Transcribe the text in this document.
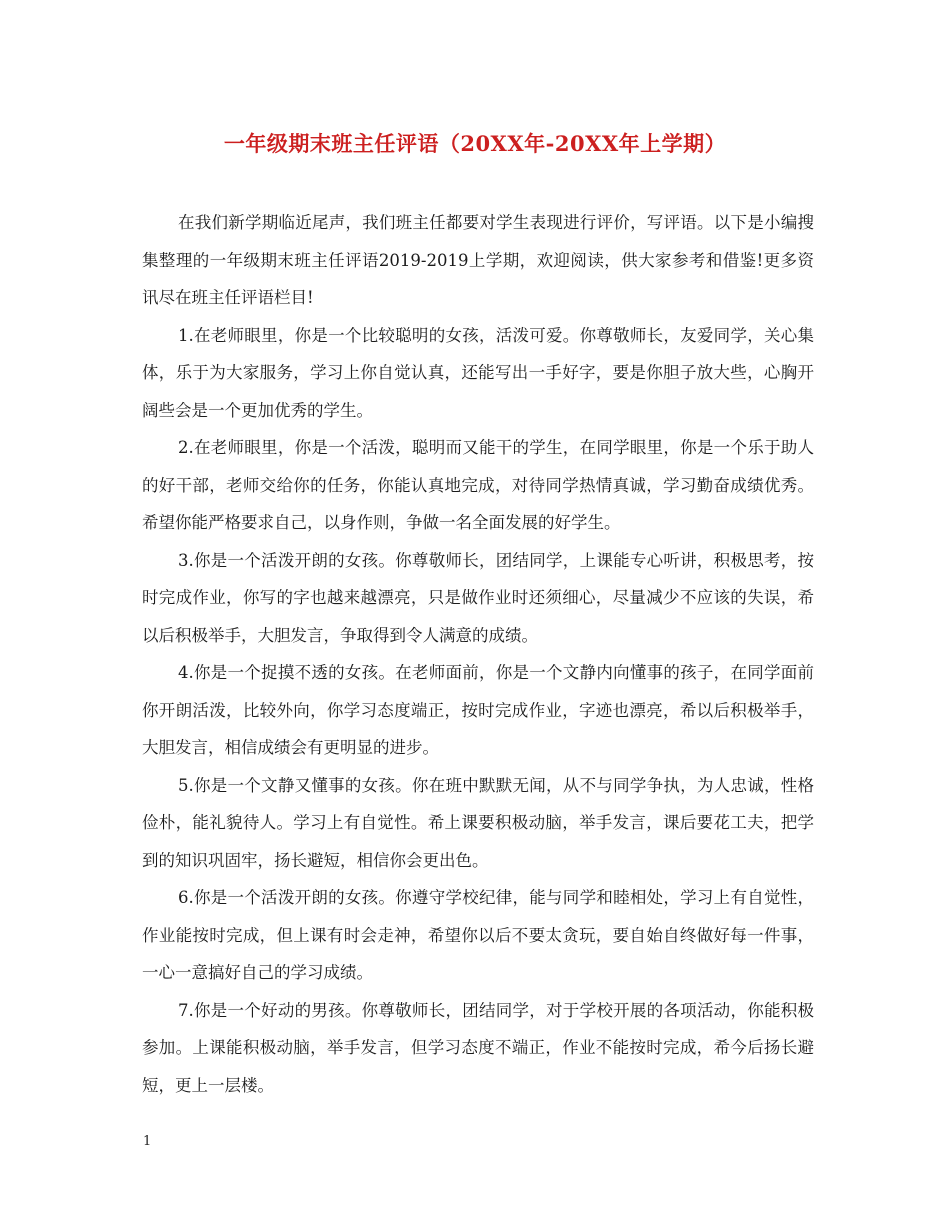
一年级期末班主任评语（20XX年-20XX年上学期）

在我们新学期临近尾声，我们班主任都要对学生表现进行评价，写评语。以下是小编搜集整理的一年级期末班主任评语2019-2019上学期，欢迎阅读，供大家参考和借鉴!更多资讯尽在班主任评语栏目!

1.在老师眼里，你是一个比较聪明的女孩，活泼可爱。你尊敬师长，友爱同学，关心集体，乐于为大家服务，学习上你自觉认真，还能写出一手好字，要是你胆子放大些，心胸开阔些会是一个更加优秀的学生。

2.在老师眼里，你是一个活泼，聪明而又能干的学生，在同学眼里，你是一个乐于助人的好干部，老师交给你的任务，你能认真地完成，对待同学热情真诚，学习勤奋成绩优秀。希望你能严格要求自己，以身作则，争做一名全面发展的好学生。

3.你是一个活泼开朗的女孩。你尊敬师长，团结同学，上课能专心听讲，积极思考，按时完成作业，你写的字也越来越漂亮，只是做作业时还须细心，尽量减少不应该的失误，希以后积极举手，大胆发言，争取得到令人满意的成绩。

4.你是一个捉摸不透的女孩。在老师面前，你是一个文静内向懂事的孩子，在同学面前你开朗活泼，比较外向，你学习态度端正，按时完成作业，字迹也漂亮，希以后积极举手，大胆发言，相信成绩会有更明显的进步。

5.你是一个文静又懂事的女孩。你在班中默默无闻，从不与同学争执，为人忠诚，性格俭朴，能礼貌待人。学习上有自觉性。希上课要积极动脑，举手发言，课后要花工夫，把学到的知识巩固牢，扬长避短，相信你会更出色。

6.你是一个活泼开朗的女孩。你遵守学校纪律，能与同学和睦相处，学习上有自觉性，作业能按时完成，但上课有时会走神，希望你以后不要太贪玩，要自始自终做好每一件事，一心一意搞好自己的学习成绩。

7.你是一个好动的男孩。你尊敬师长，团结同学，对于学校开展的各项活动，你能积极参加。上课能积极动脑，举手发言，但学习态度不端正，作业不能按时完成，希今后扬长避短，更上一层楼。

1
